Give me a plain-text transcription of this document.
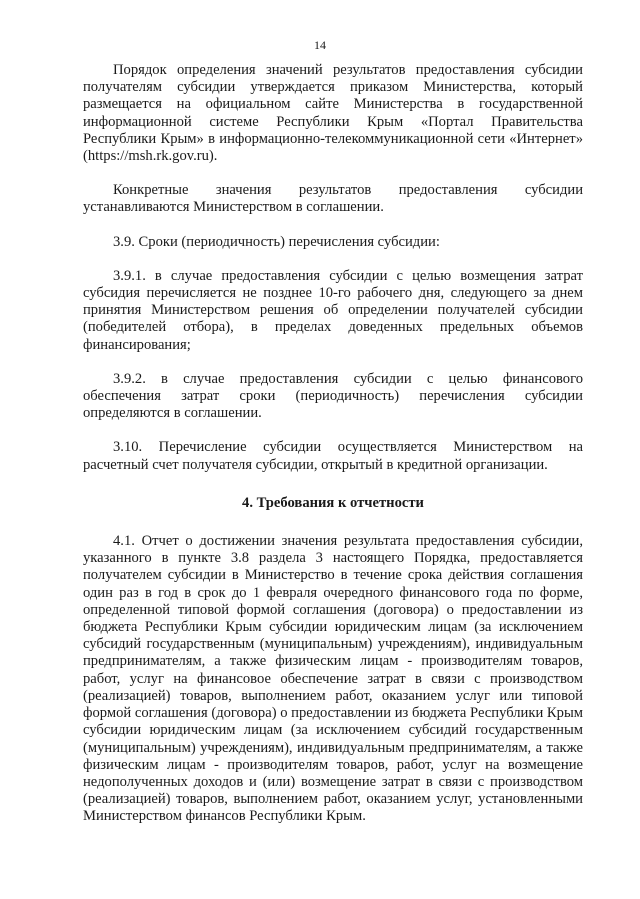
14

Порядок определения значений результатов предоставления субсидии получателям субсидии утверждается приказом Министерства, который размещается на официальном сайте Министерства в государственной информационной системе Республики Крым «Портал Правительства Республики Крым» в информационно-телекоммуникационной сети «Интернет» (https://msh.rk.gov.ru).

Конкретные значения результатов предоставления субсидии устанавливаются Министерством в соглашении.

3.9. Сроки (периодичность) перечисления субсидии:

3.9.1. в случае предоставления субсидии с целью возмещения затрат субсидия перечисляется не позднее 10-го рабочего дня, следующего за днем принятия Министерством решения об определении получателей субсидии (победителей отбора), в пределах доведенных предельных объемов финансирования;

3.9.2. в случае предоставления субсидии с целью финансового обеспечения затрат сроки (периодичность) перечисления субсидии определяются в соглашении.

3.10. Перечисление субсидии осуществляется Министерством на расчетный счет получателя субсидии, открытый в кредитной организации.

4. Требования к отчетности

4.1. Отчет о достижении значения результата предоставления субсидии, указанного в пункте 3.8 раздела 3 настоящего Порядка, предоставляется получателем субсидии в Министерство в течение срока действия соглашения один раз в год в срок до 1 февраля очередного финансового года по форме, определенной типовой формой соглашения (договора) о предоставлении из бюджета Республики Крым субсидии юридическим лицам (за исключением субсидий государственным (муниципальным) учреждениям), индивидуальным предпринимателям, а также физическим лицам - производителям товаров, работ, услуг на финансовое обеспечение затрат в связи с производством (реализацией) товаров, выполнением работ, оказанием услуг или типовой формой соглашения (договора) о предоставлении из бюджета Республики Крым субсидии юридическим лицам (за исключением субсидий государственным (муниципальным) учреждениям), индивидуальным предпринимателям, а также физическим лицам - производителям товаров, работ, услуг на возмещение недополученных доходов и (или) возмещение затрат в связи с производством (реализацией) товаров, выполнением работ, оказанием услуг, установленными Министерством финансов Республики Крым.
